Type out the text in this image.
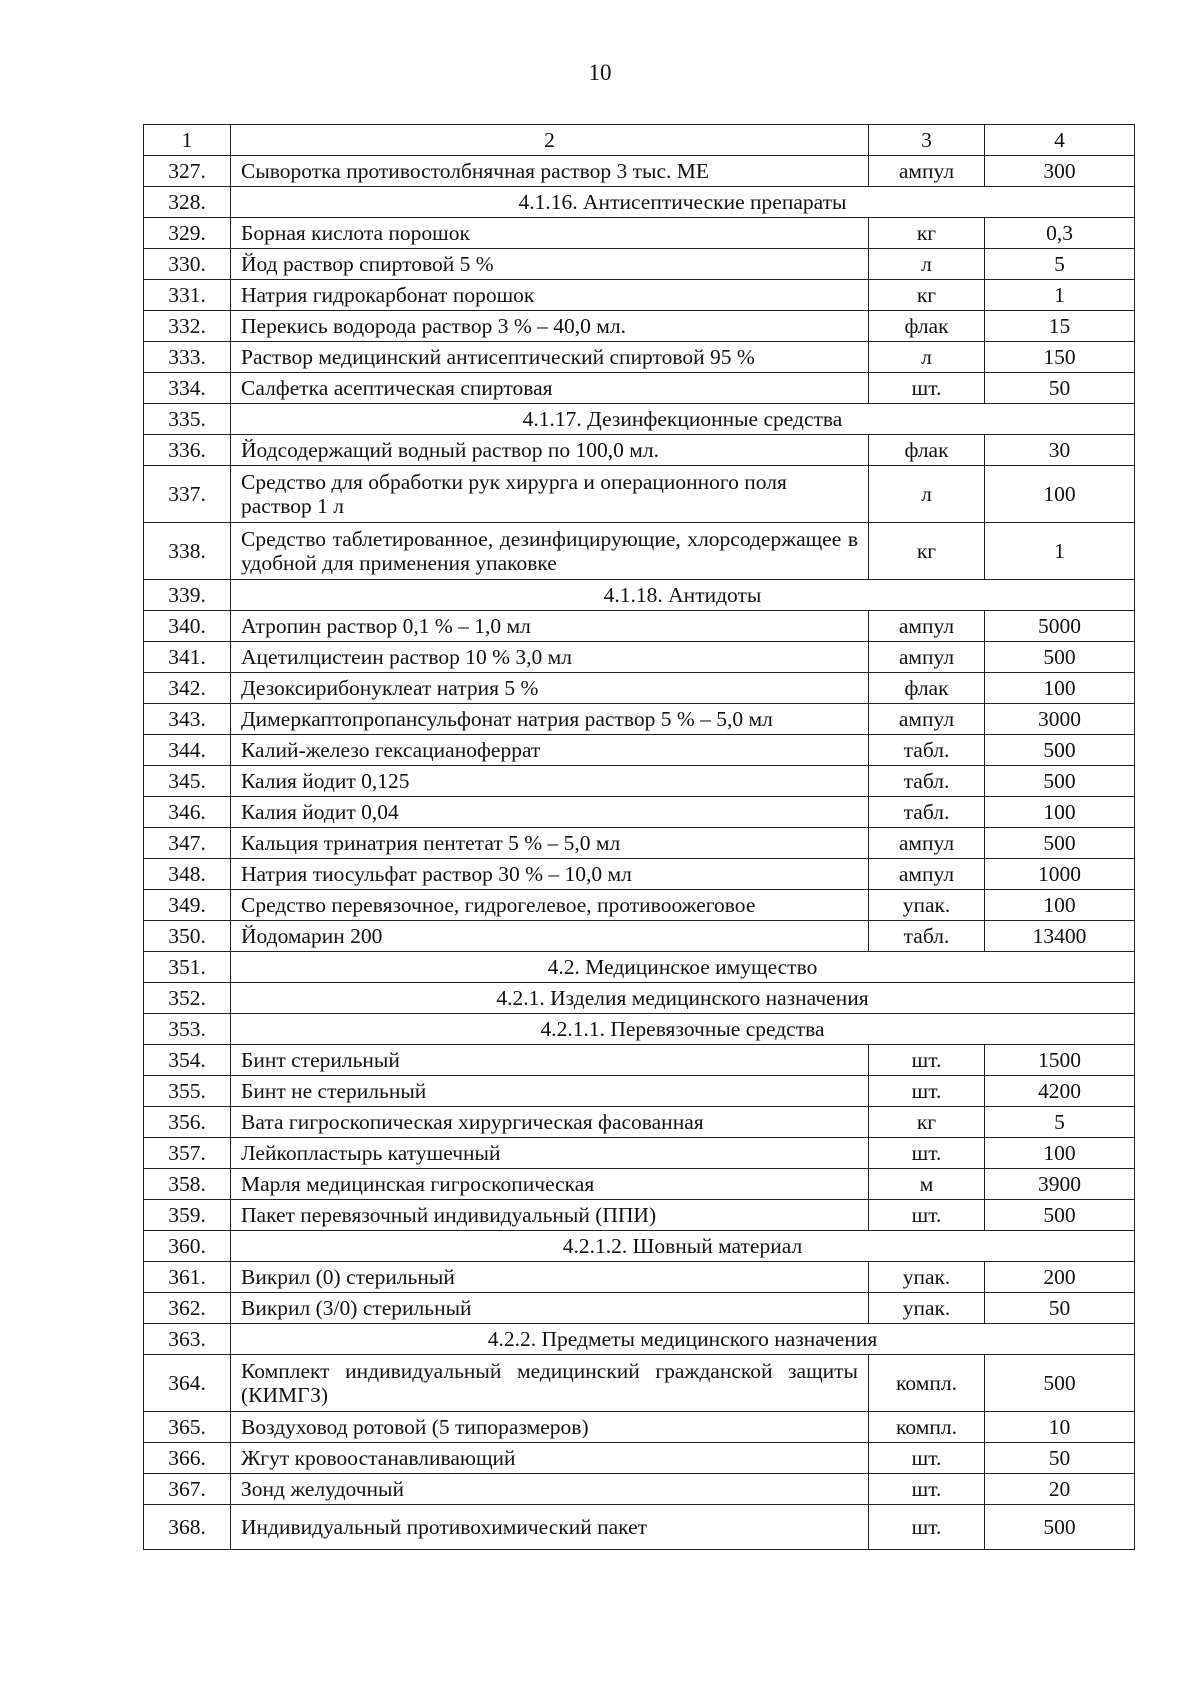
10
1	2	3	4
327.	Сыворотка противостолбнячная раствор 3 тыс. МЕ	ампул	300
328.	4.1.16. Антисептические препараты		
329.	Борная кислота порошок	кг	0,3
330.	Йод раствор спиртовой 5 %	л	5
331.	Натрия гидрокарбонат порошок	кг	1
332.	Перекись водорода раствор 3 % – 40,0 мл.	флак	15
333.	Раствор медицинский антисептический спиртовой 95 %	л	150
334.	Салфетка асептическая спиртовая	шт.	50
335.	4.1.17. Дезинфекционные средства		
336.	Йодсодержащий водный раствор по 100,0 мл.	флак	30
337.	Средство для обработки рук хирурга и операционного поля раствор 1 л	л	100
338.	Средство таблетированное, дезинфицирующие, хлорсодержащее в удобной для применения упаковке	кг	1
339.	4.1.18. Антидоты		
340.	Атропин раствор 0,1 % – 1,0 мл	ампул	5000
341.	Ацетилцистеин раствор 10 % 3,0 мл	ампул	500
342.	Дезоксирибонуклеат натрия 5 %	флак	100
343.	Димеркаптопропансульфонат натрия раствор 5 % – 5,0 мл	ампул	3000
344.	Калий-железо гексацианоферрат	табл.	500
345.	Калия йодит 0,125	табл.	500
346.	Калия йодит 0,04	табл.	100
347.	Кальция тринатрия пентетат 5 % – 5,0 мл	ампул	500
348.	Натрия тиосульфат раствор 30 % – 10,0 мл	ампул	1000
349.	Средство перевязочное, гидрогелевое, противоожеговое	упак.	100
350.	Йодомарин 200	табл.	13400
351.	4.2. Медицинское имущество		
352.	4.2.1. Изделия медицинского назначения		
353.	4.2.1.1. Перевязочные средства		
354.	Бинт стерильный	шт.	1500
355.	Бинт не стерильный	шт.	4200
356.	Вата гигроскопическая хирургическая фасованная	кг	5
357.	Лейкопластырь катушечный	шт.	100
358.	Марля медицинская гигроскопическая	м	3900
359.	Пакет перевязочный индивидуальный (ППИ)	шт.	500
360.	4.2.1.2. Шовный материал		
361.	Викрил (0) стерильный	упак.	200
362.	Викрил (3/0) стерильный	упак.	50
363.	4.2.2. Предметы медицинского назначения		
364.	Комплект индивидуальный медицинский гражданской защиты (КИМГЗ)	компл.	500
365.	Воздуховод ротовой (5 типоразмеров)	компл.	10
366.	Жгут кровоостанавливающий	шт.	50
367.	Зонд желудочный	шт.	20
368.	Индивидуальный противохимический пакет	шт.	500
